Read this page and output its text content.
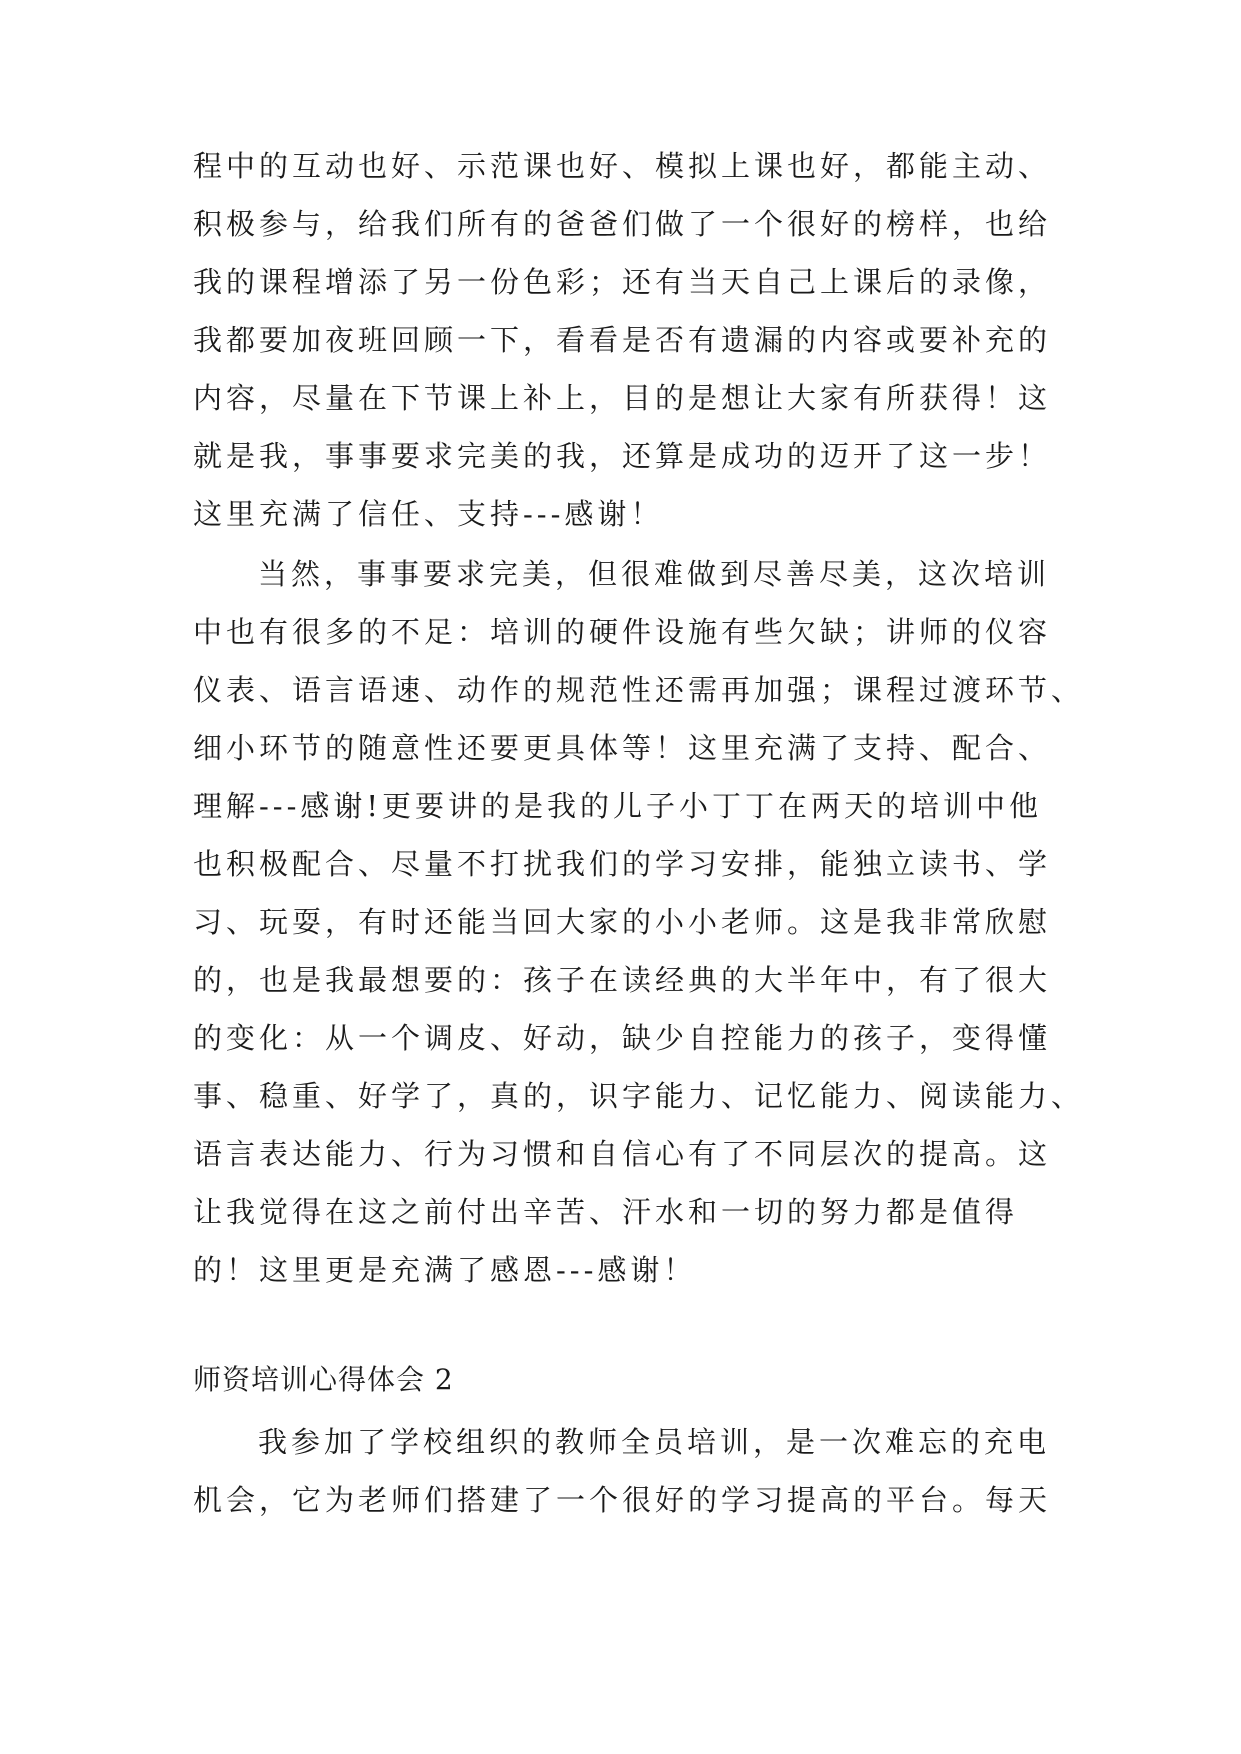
程中的互动也好、示范课也好、模拟上课也好，都能主动、
积极参与，给我们所有的爸爸们做了一个很好的榜样，也给
我的课程增添了另一份色彩；还有当天自己上课后的录像，
我都要加夜班回顾一下，看看是否有遗漏的内容或要补充的
内容，尽量在下节课上补上，目的是想让大家有所获得！这
就是我，事事要求完美的我，还算是成功的迈开了这一步！
这里充满了信任、支持---感谢！
当然，事事要求完美，但很难做到尽善尽美，这次培训
中也有很多的不足：培训的硬件设施有些欠缺；讲师的仪容
仪表、语言语速、动作的规范性还需再加强；课程过渡环节、
细小环节的随意性还要更具体等！这里充满了支持、配合、
理解---感谢!更要讲的是我的儿子小丁丁在两天的培训中他
也积极配合、尽量不打扰我们的学习安排，能独立读书、学
习、玩耍，有时还能当回大家的小小老师。这是我非常欣慰
的，也是我最想要的：孩子在读经典的大半年中，有了很大
的变化：从一个调皮、好动，缺少自控能力的孩子，变得懂
事、稳重、好学了，真的，识字能力、记忆能力、阅读能力、
语言表达能力、行为习惯和自信心有了不同层次的提高。这
让我觉得在这之前付出辛苦、汗水和一切的努力都是值得
的！这里更是充满了感恩---感谢！
师资培训心得体会 2
我参加了学校组织的教师全员培训，是一次难忘的充电
机会，它为老师们搭建了一个很好的学习提高的平台。每天
